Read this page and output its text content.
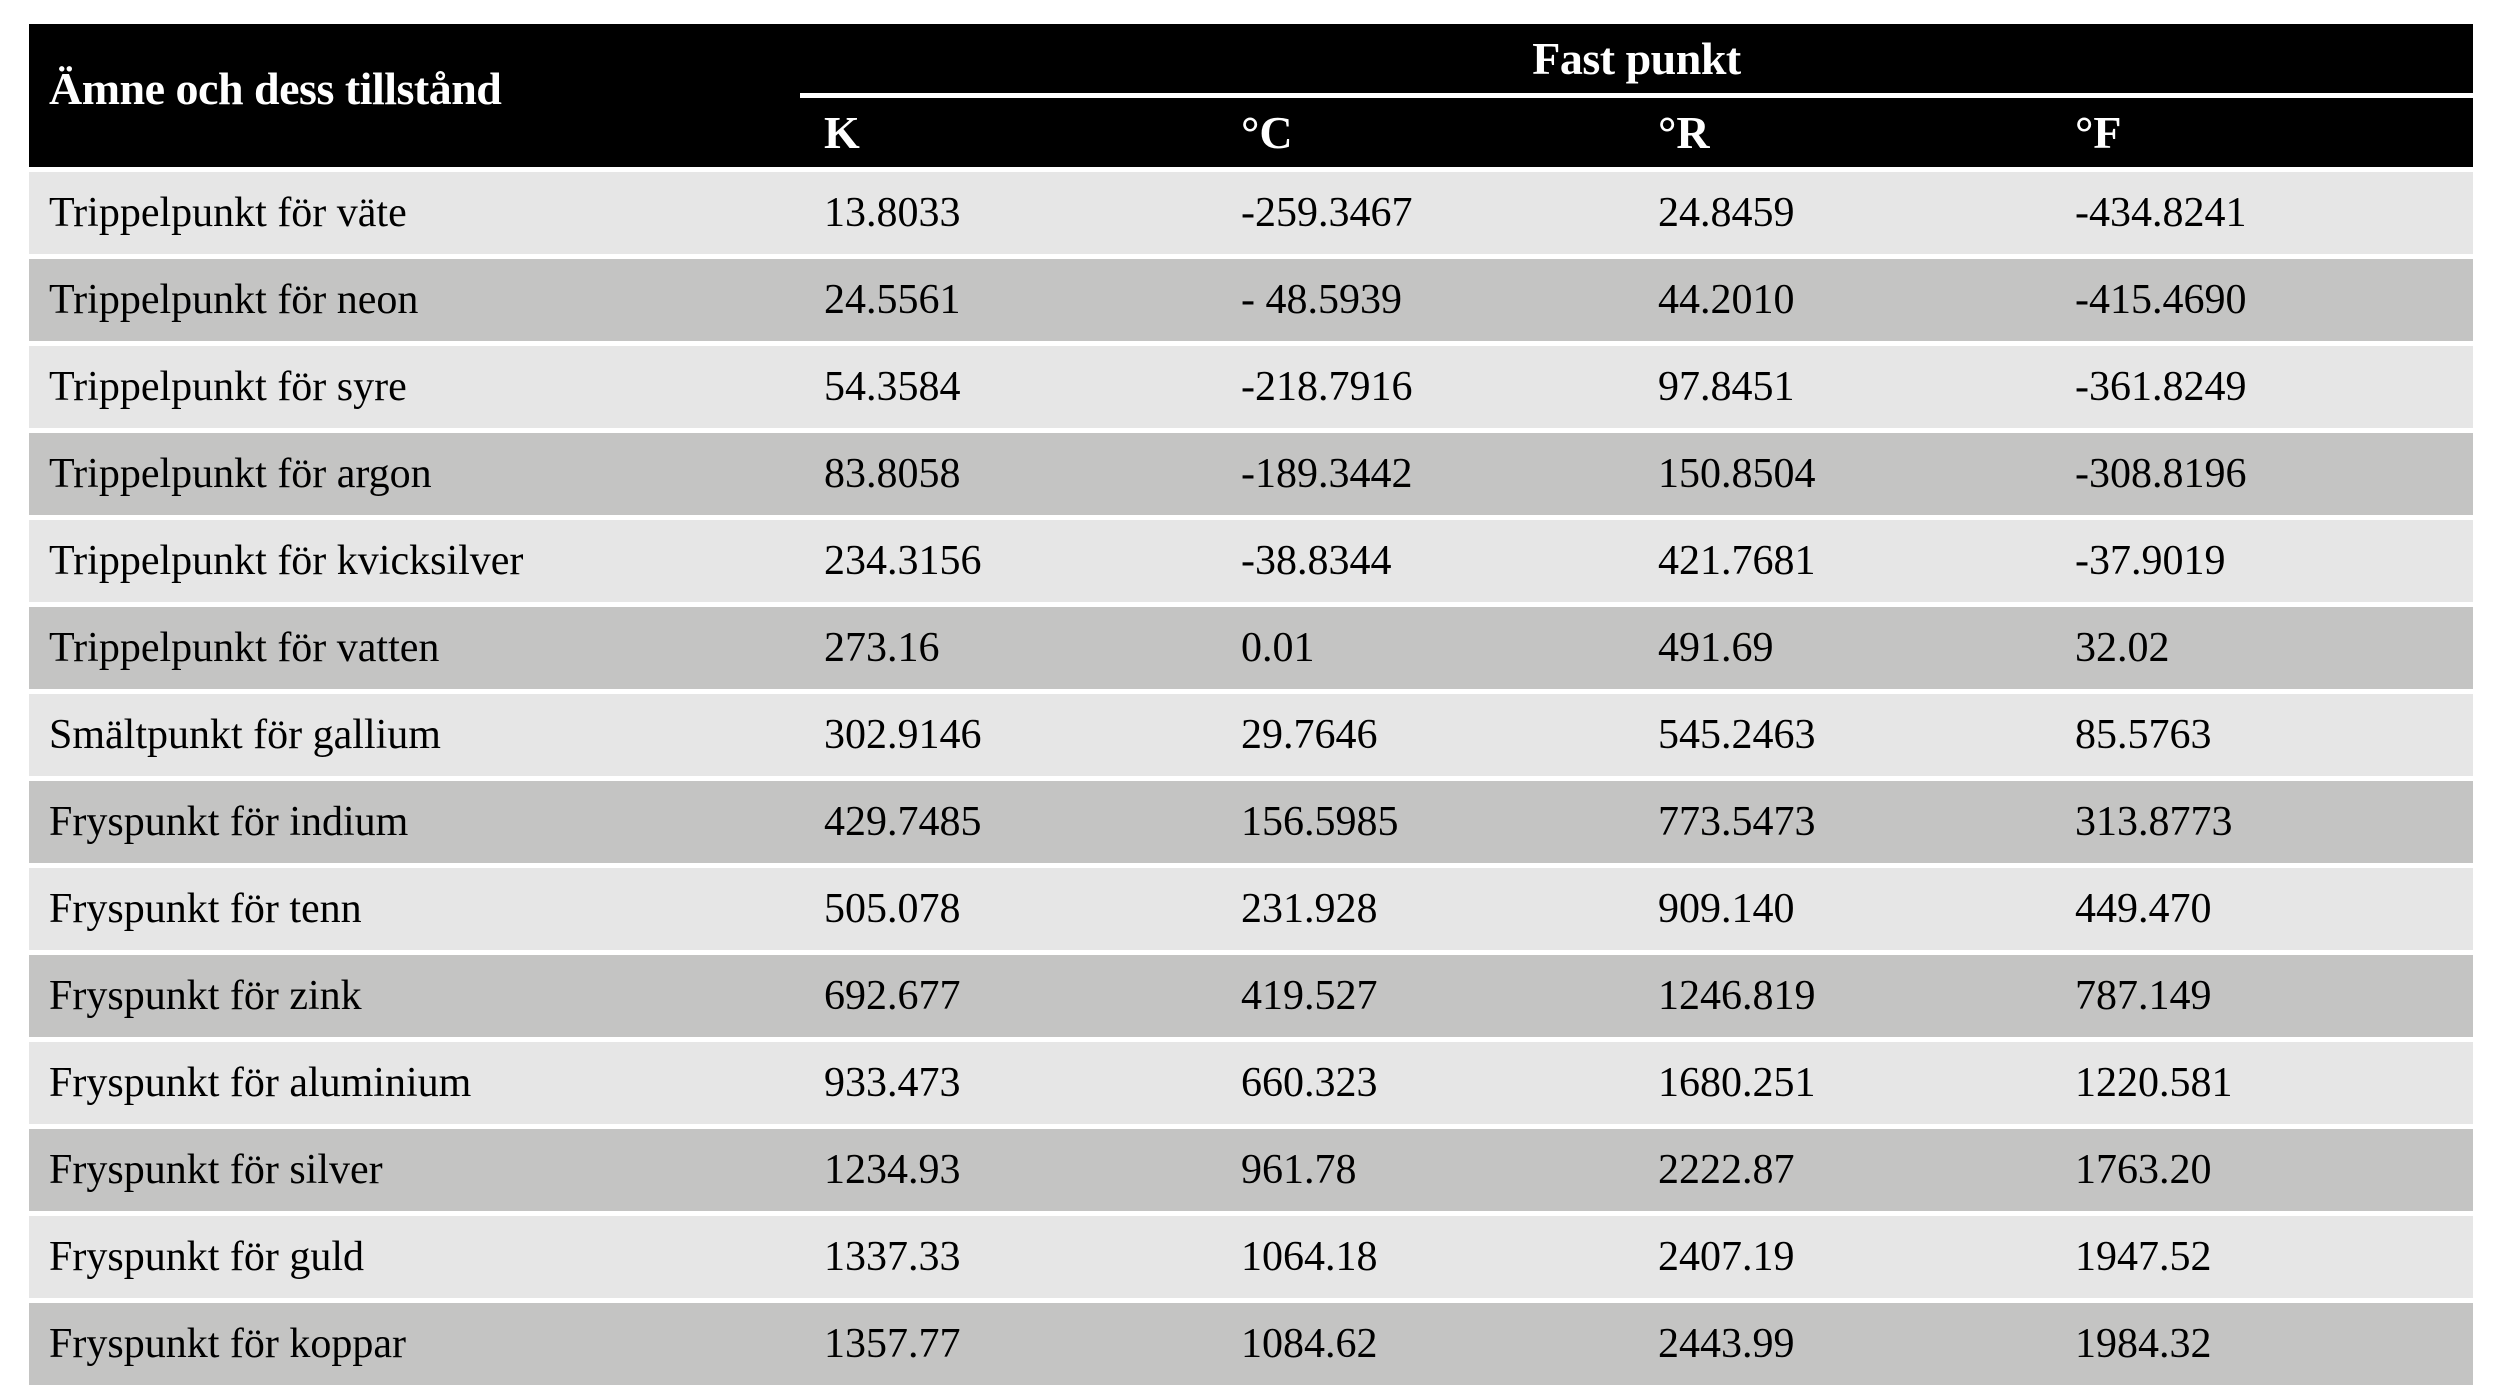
Ämne och dess tillstånd
Fast punkt
K	°C	°R	°F
Trippelpunkt för väte	13.8033	-259.3467	24.8459	-434.8241
Trippelpunkt för neon	24.5561	- 48.5939	44.2010	-415.4690
Trippelpunkt för syre	54.3584	-218.7916	97.8451	-361.8249
Trippelpunkt för argon	83.8058	-189.3442	150.8504	-308.8196
Trippelpunkt för kvicksilver	234.3156	-38.8344	421.7681	-37.9019
Trippelpunkt för vatten	273.16	0.01	491.69	32.02
Smältpunkt för gallium	302.9146	29.7646	545.2463	85.5763
Fryspunkt för indium	429.7485	156.5985	773.5473	313.8773
Fryspunkt för tenn	505.078	231.928	909.140	449.470
Fryspunkt för zink	692.677	419.527	1246.819	787.149
Fryspunkt för aluminium	933.473	660.323	1680.251	1220.581
Fryspunkt för silver	1234.93	961.78	2222.87	1763.20
Fryspunkt för guld	1337.33	1064.18	2407.19	1947.52
Fryspunkt för koppar	1357.77	1084.62	2443.99	1984.32
